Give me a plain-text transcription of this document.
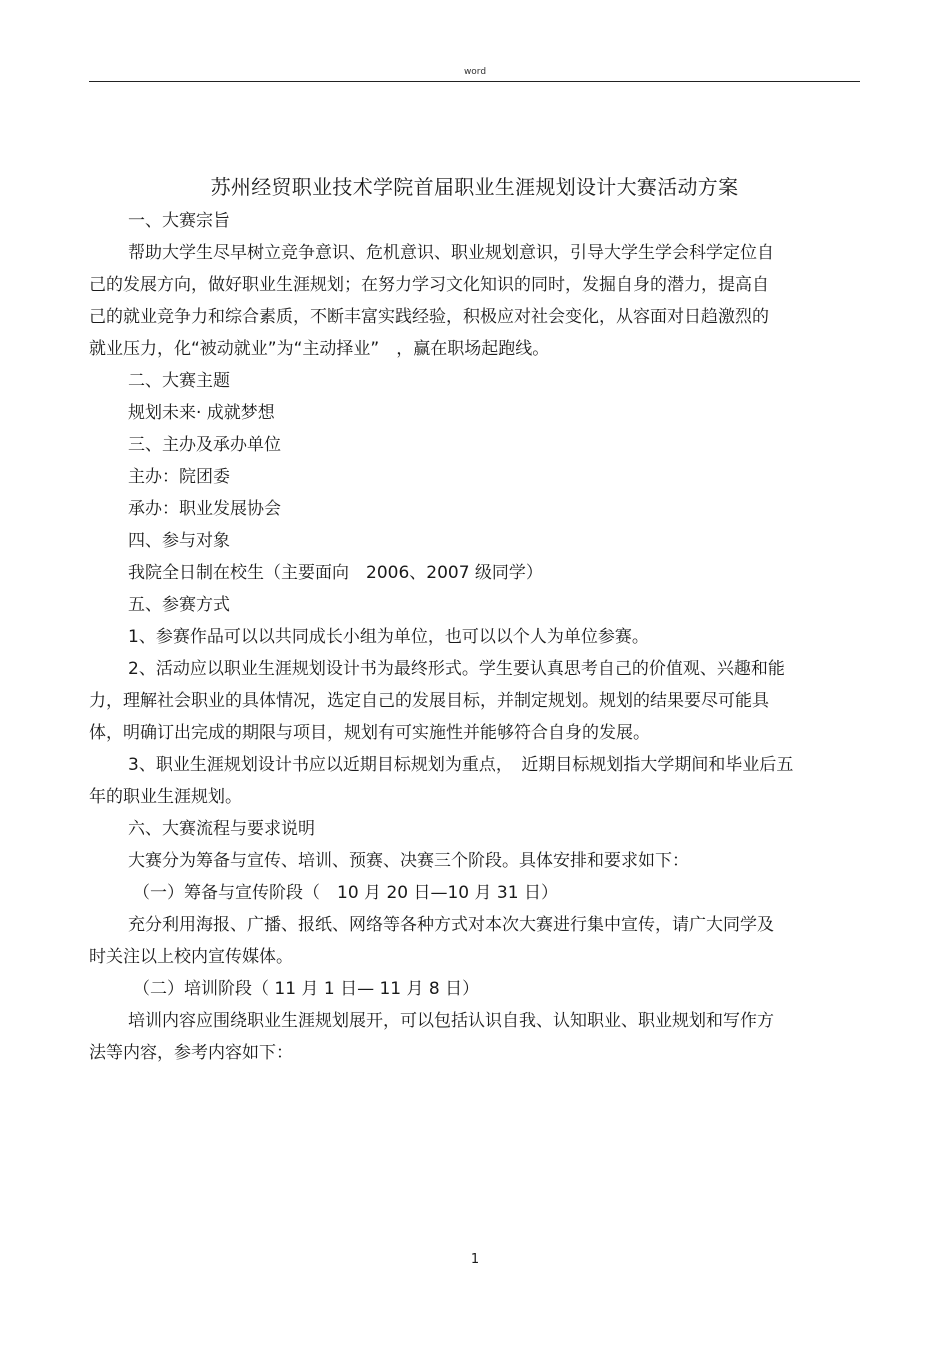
word
苏州经贸职业技术学院首届职业生涯规划设计大赛活动方案

一、大赛宗旨

帮助大学生尽早树立竞争意识、危机意识、职业规划意识，引导大学生学会科学定位自

己的发展方向，做好职业生涯规划；在努力学习文化知识的同时，发掘自身的潜力，提高自

己的就业竞争力和综合素质，不断丰富实践经验，积极应对社会变化，从容面对日趋激烈的

就业压力，化“被动就业”为“主动择业”　，赢在职场起跑线。

二、大赛主题

规划未来· 成就梦想

三、主办及承办单位

主办：院团委

承办：职业发展协会

四、参与对象

我院全日制在校生（主要面向　2006、2007 级同学）

五、参赛方式

1、参赛作品可以以共同成长小组为单位，也可以以个人为单位参赛。

2、活动应以职业生涯规划设计书为最终形式。学生要认真思考自己的价值观、兴趣和能

力，理解社会职业的具体情况，选定自己的发展目标，并制定规划。规划的结果要尽可能具

体，明确订出完成的期限与项目，规划有可实施性并能够符合自身的发展。

3、职业生涯规划设计书应以近期目标规划为重点，　近期目标规划指大学期间和毕业后五

年的职业生涯规划。

六、大赛流程与要求说明

大赛分为筹备与宣传、培训、预赛、决赛三个阶段。具体安排和要求如下：

（一）筹备与宣传阶段（　10 月 20 日—10 月 31 日）

充分利用海报、广播、报纸、网络等各种方式对本次大赛进行集中宣传，请广大同学及

时关注以上校内宣传媒体。

（二）培训阶段（ 11 月 1 日— 11 月 8 日）

培训内容应围绕职业生涯规划展开，可以包括认识自我、认知职业、职业规划和写作方

法等内容，参考内容如下：

1
